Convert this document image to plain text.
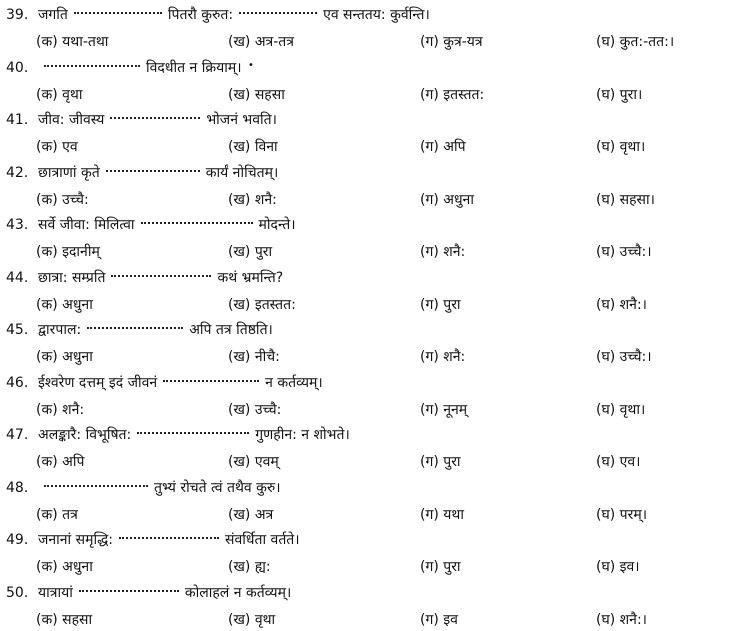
39. जगति	पितरौ कुरुत:	एव सन्ततय: कुर्वन्ति।
(क) यथा-तथा	(ख) अत्र-तत्र	(ग) कुत्र-यत्र	(घ) कुत:-तत:।
40.	विदधीत न क्रियाम्।
(क) वृथा	(ख) सहसा	(ग) इतस्तत:	(घ) पुरा।
41. जीव: जीवस्य	भोजनं भवति।
(क) एव	(ख) विना	(ग) अपि	(घ) वृथा।
42. छात्राणां कृते	कार्यं नोचितम्।
(क) उच्चै:	(ख) शनै:	(ग) अधुना	(घ) सहसा।
43. सर्वे जीवा: मिलित्वा	मोदन्ते।
(क) इदानीम्	(ख) पुरा	(ग) शनै:	(घ) उच्चै:।
44. छात्रा: सम्प्रति	कथं भ्रमन्ति?
(क) अधुना	(ख) इतस्तत:	(ग) पुरा	(घ) शनै:।
45. द्वारपाल:	अपि तत्र तिष्ठति।
(क) अधुना	(ख) नीचै:	(ग) शनै:	(घ) उच्चै:।
46. ईश्वरेण दत्तम् इदं जीवनं	न कर्तव्यम्।
(क) शनै:	(ख) उच्चै:	(ग) नूनम्	(घ) वृथा।
47. अलङ्कारै: विभूषित:	गुणहीन: न शोभते।
(क) अपि	(ख) एवम्	(ग) पुरा	(घ) एव।
48.	तुभ्यं रोचते त्वं तथैव कुरु।
(क) तत्र	(ख) अत्र	(ग) यथा	(घ) परम्।
49. जनानां समृद्धि:	संवर्धिता वर्तते।
(क) अधुना	(ख) ह्य:	(ग) पुरा	(घ) इव।
50. यात्रायां	कोलाहलं न कर्तव्यम्।
(क) सहसा	(ख) वृथा	(ग) इव	(घ) शनै:।
•
